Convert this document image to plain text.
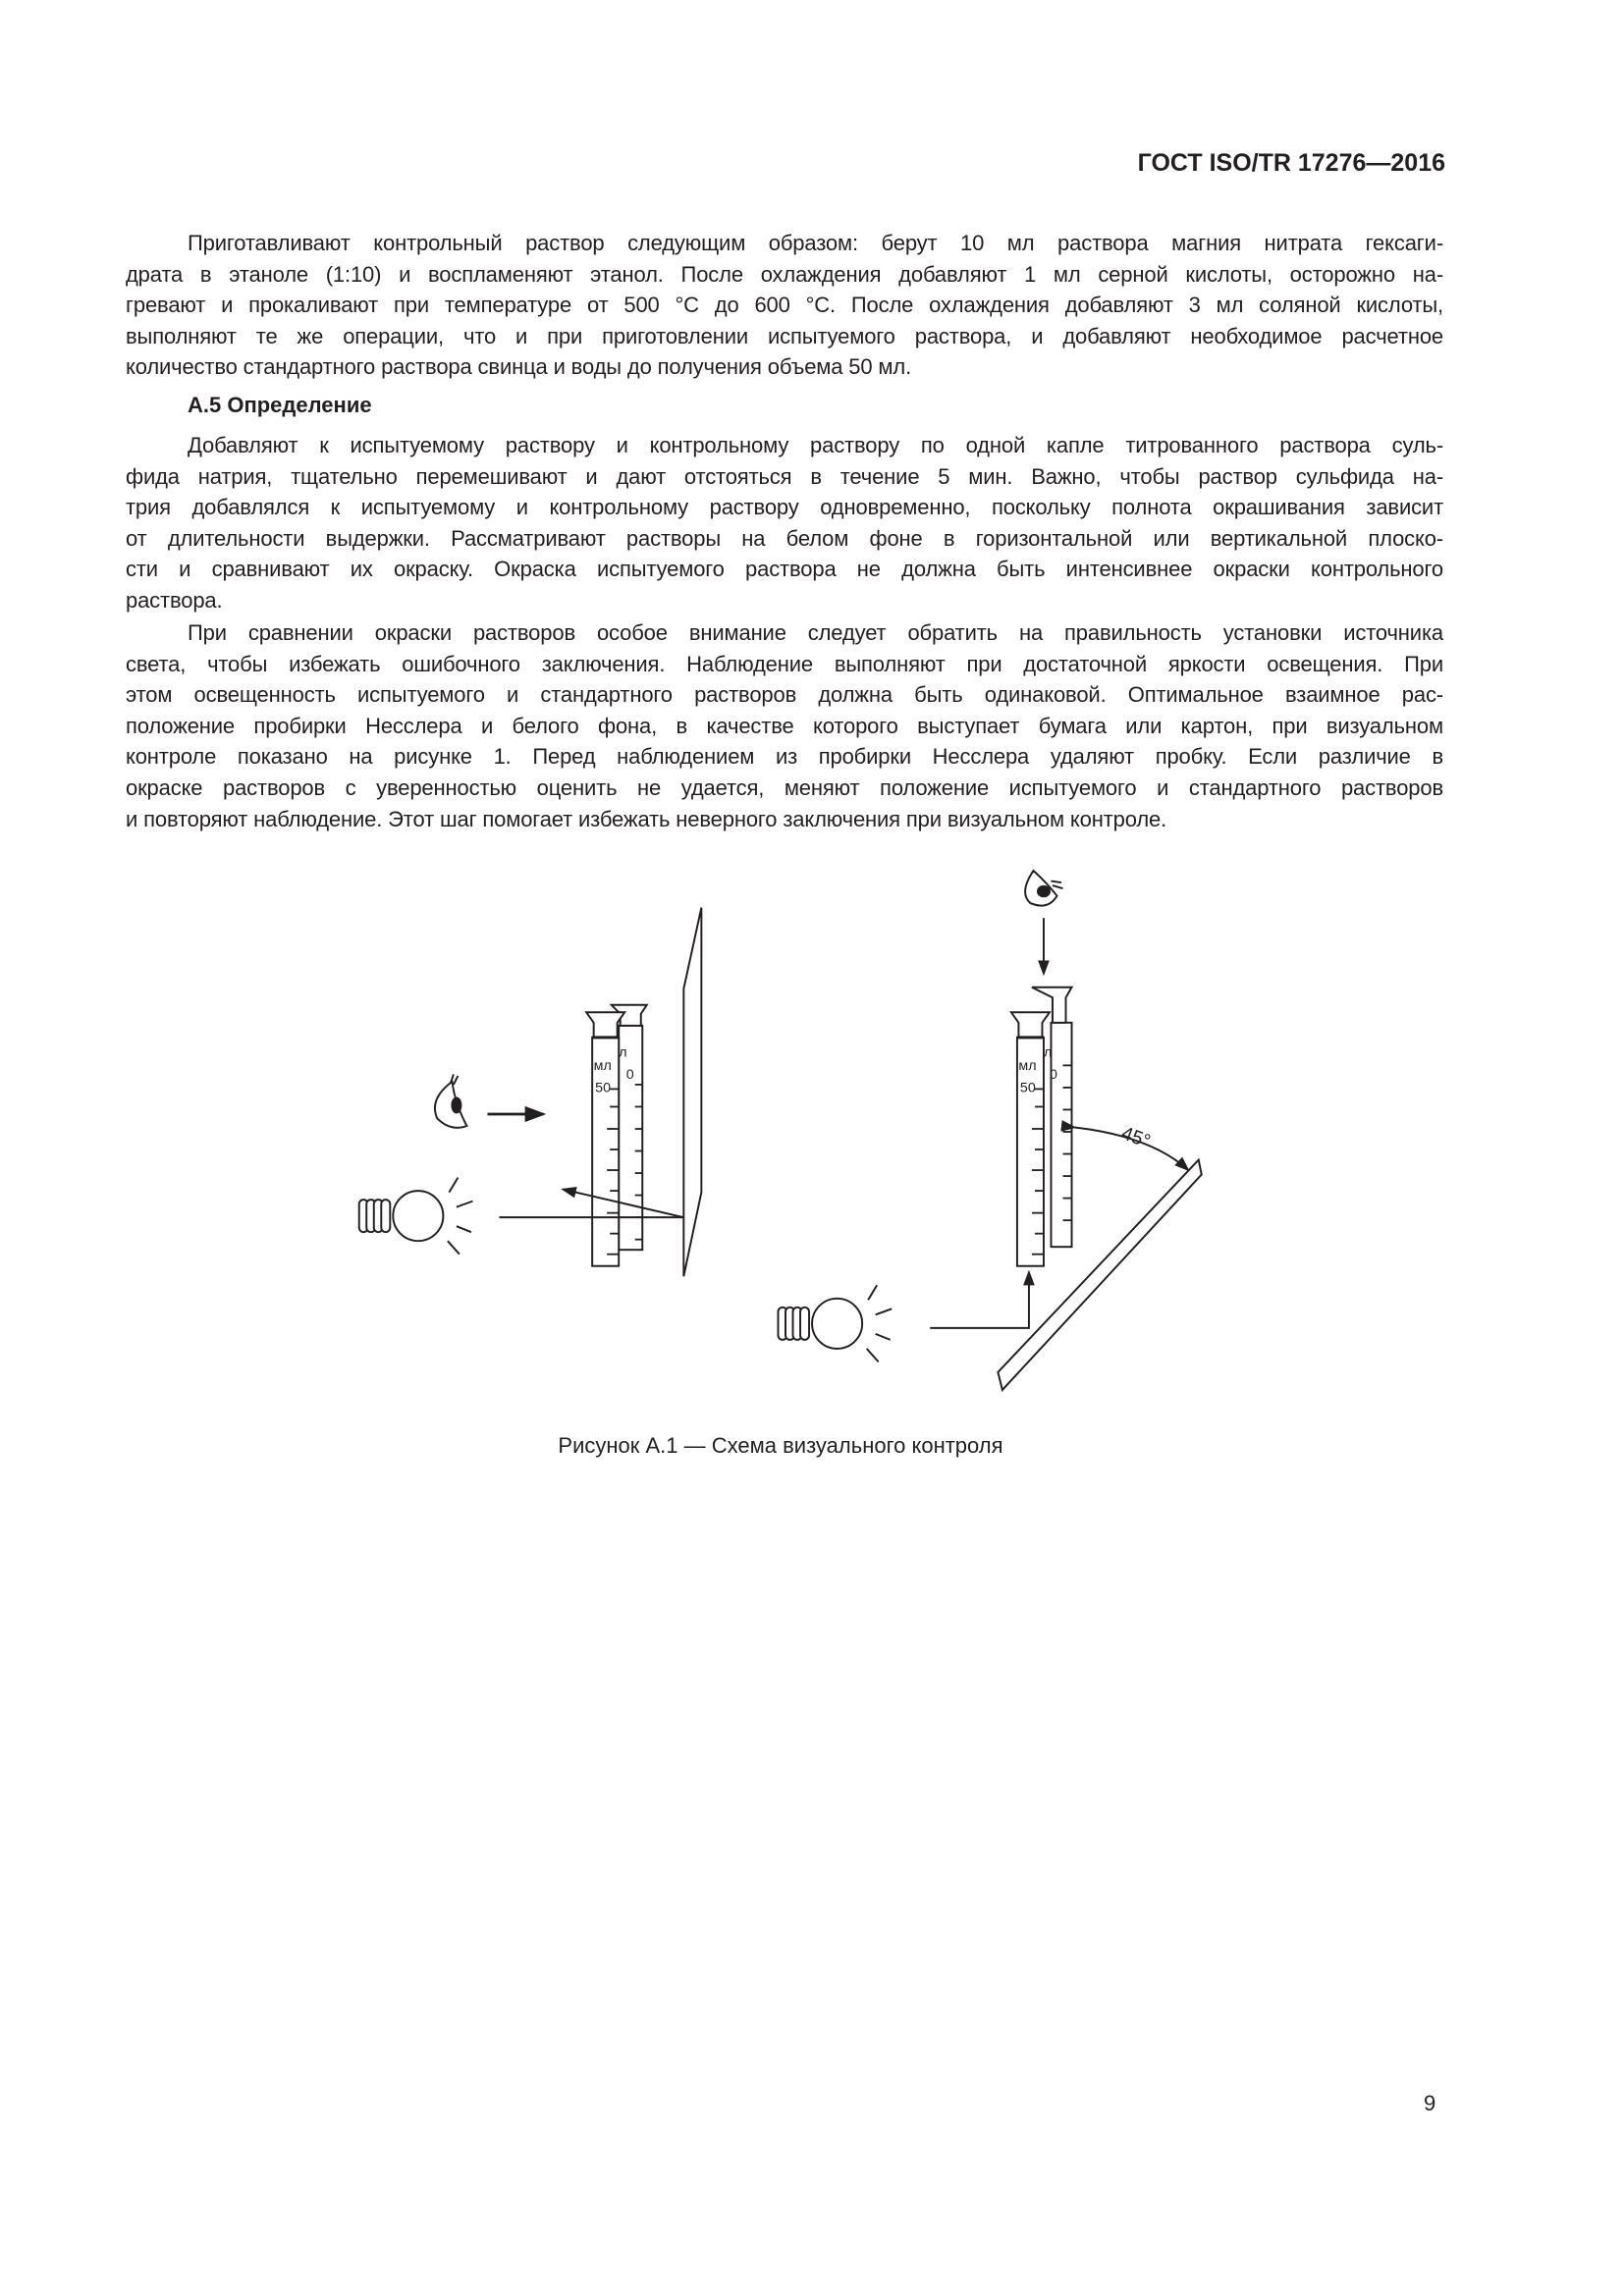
ГОСТ ISO/TR 17276—2016
Приготавливают контрольный раствор следующим образом: берут 10 мл раствора магния нитрата гексаги-
драта в этаноле (1:10) и воспламеняют этанол. После охлаждения добавляют 1 мл серной кислоты, осторожно на-
гревают и прокаливают при температуре от 500 °С до 600 °С. После охлаждения добавляют 3 мл соляной кислоты,
выполняют те же операции, что и при приготовлении испытуемого раствора, и добавляют необходимое расчетное
количество стандартного раствора свинца и воды до получения объема 50 мл.
А.5 Определение
Добавляют к испытуемому раствору и контрольному раствору по одной капле титрованного раствора суль-
фида натрия, тщательно перемешивают и дают отстояться в течение 5 мин. Важно, чтобы раствор сульфида на-
трия добавлялся к испытуемому и контрольному раствору одновременно, поскольку полнота окрашивания зависит
от длительности выдержки. Рассматривают растворы на белом фоне в горизонтальной или вертикальной плоско-
сти и сравнивают их окраску. Окраска испытуемого раствора не должна быть интенсивнее окраски контрольного
раствора.
При сравнении окраски растворов особое внимание следует обратить на правильность установки источника
света, чтобы избежать ошибочного заключения. Наблюдение выполняют при достаточной яркости освещения. При
этом освещенность испытуемого и стандартного растворов должна быть одинаковой. Оптимальное взаимное рас-
положение пробирки Несслера и белого фона, в качестве которого выступает бумага или картон, при визуальном
контроле показано на рисунке 1. Перед наблюдением из пробирки Несслера удаляют пробку. Если различие в
окраске растворов с уверенностью оценить не удается, меняют положение испытуемого и стандартного растворов
и повторяют наблюдение. Этот шаг помогает избежать неверного заключения при визуальном контроле.
мл
л
50
0
мл
л
50
0
45°
Рисунок А.1 — Схема визуального контроля
9
